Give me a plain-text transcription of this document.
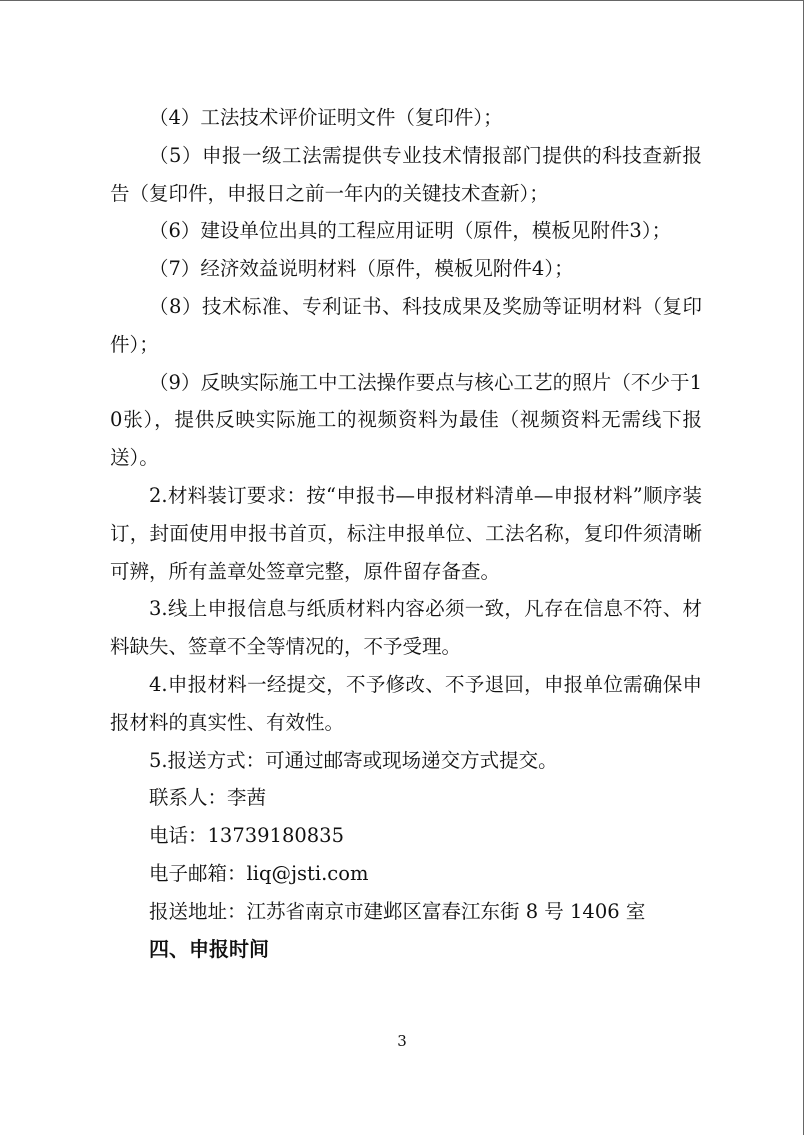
（4）工法技术评价证明文件（复印件）；

（5）申报一级工法需提供专业技术情报部门提供的科技查新报告（复印件，申报日之前一年内的关键技术查新）；

（6）建设单位出具的工程应用证明（原件，模板见附件3）；

（7）经济效益说明材料（原件，模板见附件4）；

（8）技术标准、专利证书、科技成果及奖励等证明材料（复印件）；

（9）反映实际施工中工法操作要点与核心工艺的照片（不少于10张），提供反映实际施工的视频资料为最佳（视频资料无需线下报送）。

2.材料装订要求：按“申报书—申报材料清单—申报材料”顺序装订，封面使用申报书首页，标注申报单位、工法名称，复印件须清晰可辨，所有盖章处签章完整，原件留存备查。

3.线上申报信息与纸质材料内容必须一致，凡存在信息不符、材料缺失、签章不全等情况的，不予受理。

4.申报材料一经提交，不予修改、不予退回，申报单位需确保申报材料的真实性、有效性。

5.报送方式：可通过邮寄或现场递交方式提交。

联系人：李茜

电话：13739180835

电子邮箱：liq@jsti.com

报送地址：江苏省南京市建邺区富春江东街 8 号 1406 室

四、申报时间

3
